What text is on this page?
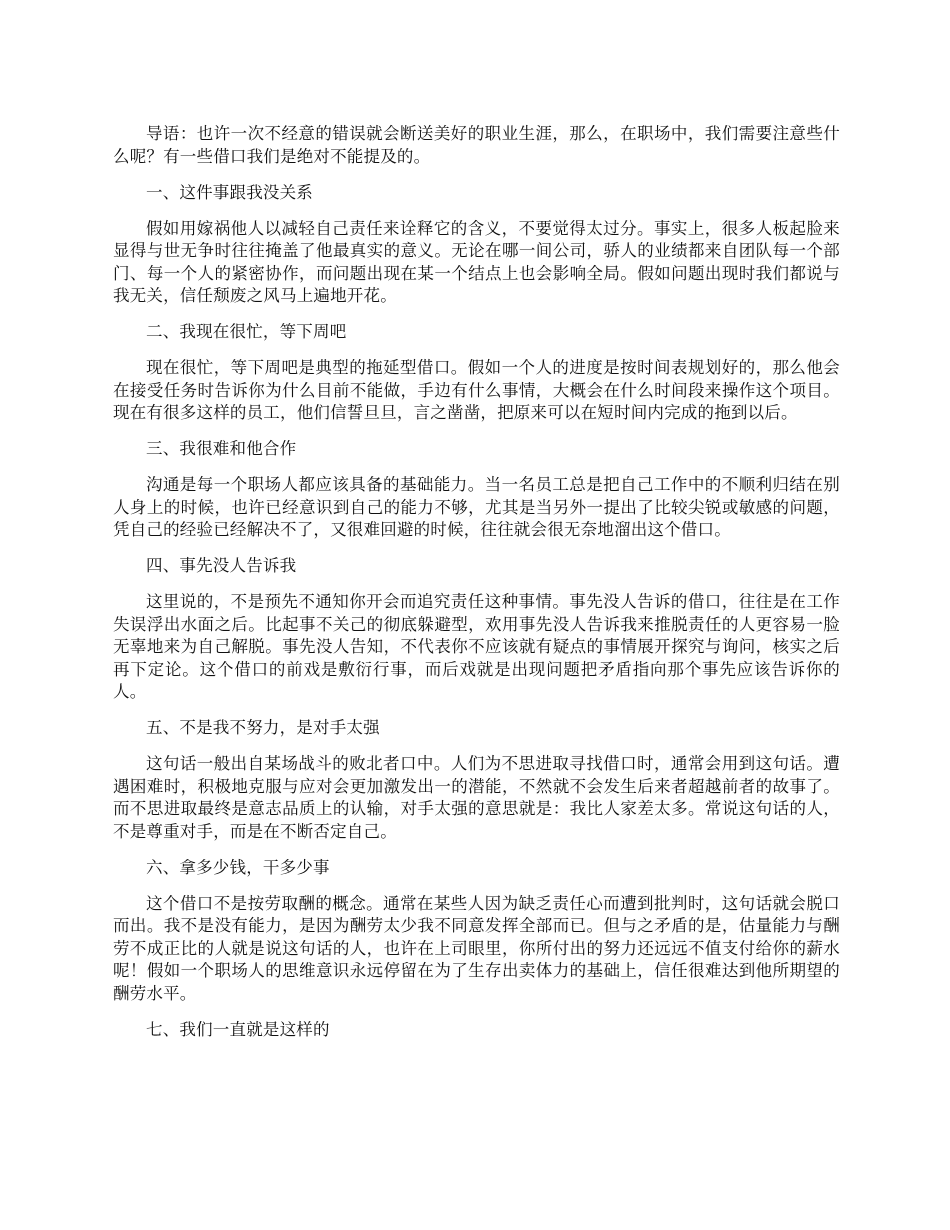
导语：也许一次不经意的错误就会断送美好的职业生涯，那么，在职场中，我们需要注意些什么呢？有一些借口我们是绝对不能提及的。

一、这件事跟我没关系

假如用嫁祸他人以减轻自己责任来诠释它的含义，不要觉得太过分。事实上，很多人板起脸来显得与世无争时往往掩盖了他最真实的意义。无论在哪一间公司，骄人的业绩都来自团队每一个部门、每一个人的紧密协作，而问题出现在某一个结点上也会影响全局。假如问题出现时我们都说与我无关，信任颓废之风马上遍地开花。

二、我现在很忙，等下周吧

现在很忙，等下周吧是典型的拖延型借口。假如一个人的进度是按时间表规划好的，那么他会在接受任务时告诉你为什么目前不能做，手边有什么事情，大概会在什么时间段来操作这个项目。现在有很多这样的员工，他们信誓旦旦，言之凿凿，把原来可以在短时间内完成的拖到以后。

三、我很难和他合作

沟通是每一个职场人都应该具备的基础能力。当一名员工总是把自己工作中的不顺利归结在别人身上的时候，也许已经意识到自己的能力不够，尤其是当另外一提出了比较尖锐或敏感的问题，凭自己的经验已经解决不了，又很难回避的时候，往往就会很无奈地溜出这个借口。

四、事先没人告诉我

这里说的，不是预先不通知你开会而追究责任这种事情。事先没人告诉的借口，往往是在工作失误浮出水面之后。比起事不关己的彻底躲避型，欢用事先没人告诉我来推脱责任的人更容易一脸无辜地来为自己解脱。事先没人告知，不代表你不应该就有疑点的事情展开探究与询问，核实之后再下定论。这个借口的前戏是敷衍行事，而后戏就是出现问题把矛盾指向那个事先应该告诉你的人。

五、不是我不努力，是对手太强

这句话一般出自某场战斗的败北者口中。人们为不思进取寻找借口时，通常会用到这句话。遭遇困难时，积极地克服与应对会更加激发出一的潜能，不然就不会发生后来者超越前者的故事了。而不思进取最终是意志品质上的认输，对手太强的意思就是：我比人家差太多。常说这句话的人，不是尊重对手，而是在不断否定自己。

六、拿多少钱，干多少事

这个借口不是按劳取酬的概念。通常在某些人因为缺乏责任心而遭到批判时，这句话就会脱口而出。我不是没有能力，是因为酬劳太少我不同意发挥全部而已。但与之矛盾的是，估量能力与酬劳不成正比的人就是说这句话的人，也许在上司眼里，你所付出的努力还远远不值支付给你的薪水呢！假如一个职场人的思维意识永远停留在为了生存出卖体力的基础上，信任很难达到他所期望的酬劳水平。

七、我们一直就是这样的
